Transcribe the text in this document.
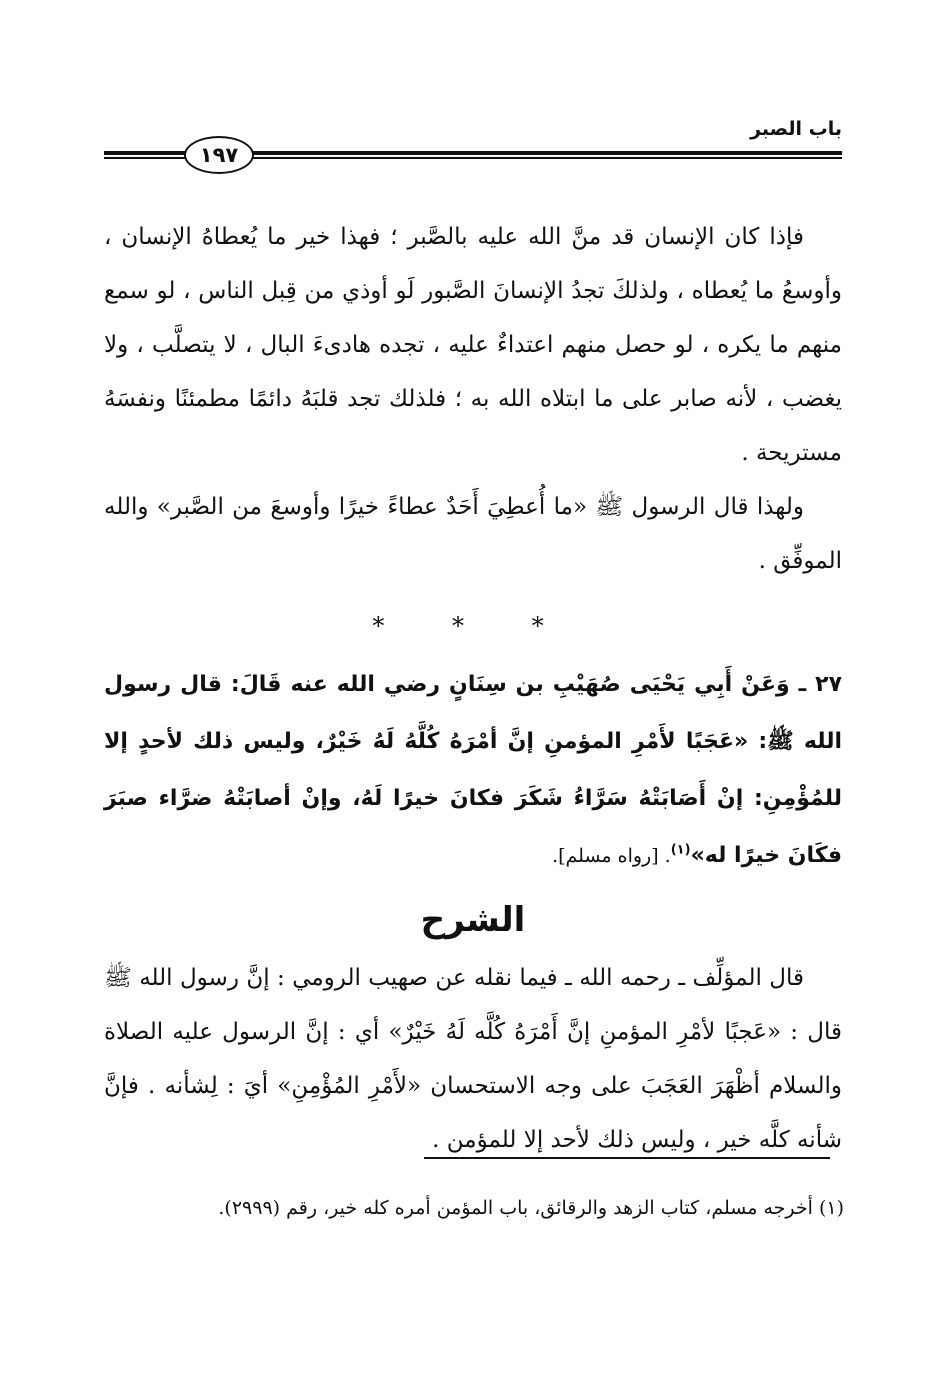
باب الصبر
١٩٧

فإذا كان الإنسان قد منَّ الله عليه بالصَّبر ؛ فهذا خير ما يُعطاهُ الإنسان ، وأوسعُ ما يُعطاه ، ولذلكَ تجدُ الإنسانَ الصَّبور لَو أوذي من قِبل الناس ، لو سمع منهم ما يكره ، لو حصل منهم اعتداءٌ عليه ، تجده هادىءَ البال ، لا يتصلَّب ، ولا يغضب ، لأنه صابر على ما ابتلاه الله به ؛ فلذلك تجد قلبَهُ دائمًا مطمئنًا ونفسَهُ مستريحة .

ولهذا قال الرسول ﷺ «ما أُعطِيَ أَحَدٌ عطاءً خيرًا وأوسعَ من الصَّبر» والله الموفِّق .

* * *

٢٧ ـ وَعَنْ أَبِي يَحْيَى صُهَيْبِ بن سِنَانٍ رضي الله عنه قَالَ: قال رسول الله ﷺ: «عَجَبًا لأَمْرِ المؤمنِ إنَّ أمْرَهُ كُلَّهُ لَهُ خَيْرٌ، وليس ذلك لأحدٍ إلا للمُؤْمِنِ: إنْ أَصَابَتْهُ سَرَّاءُ شَكَرَ فكانَ خيرًا لَهُ، وإنْ أصابَتْهُ ضرَّاء صبَرَ فكَانَ خيرًا له»$^{(١)}$. [رواه مسلم].

الشرح

قال المؤلِّف ـ رحمه الله ـ فيما نقله عن صهيب الرومي : إنَّ رسول الله ﷺ قال : «عَجبًا لأمْرِ المؤمنِ إنَّ أَمْرَهُ كُلَّه لَهُ خَيْرٌ» أي : إنَّ الرسول عليه الصلاة والسلام أظْهَرَ العَجَبَ على وجه الاستحسان «لأَمْرِ المُؤْمِنِ» أيَ : لِشأنه . فإنَّ شأنه كلَّه خير ، وليس ذلك لأحد إلا للمؤمن .

(١) أخرجه مسلم، كتاب الزهد والرقائق، باب المؤمن أمره كله خير، رقم (٢٩٩٩).
